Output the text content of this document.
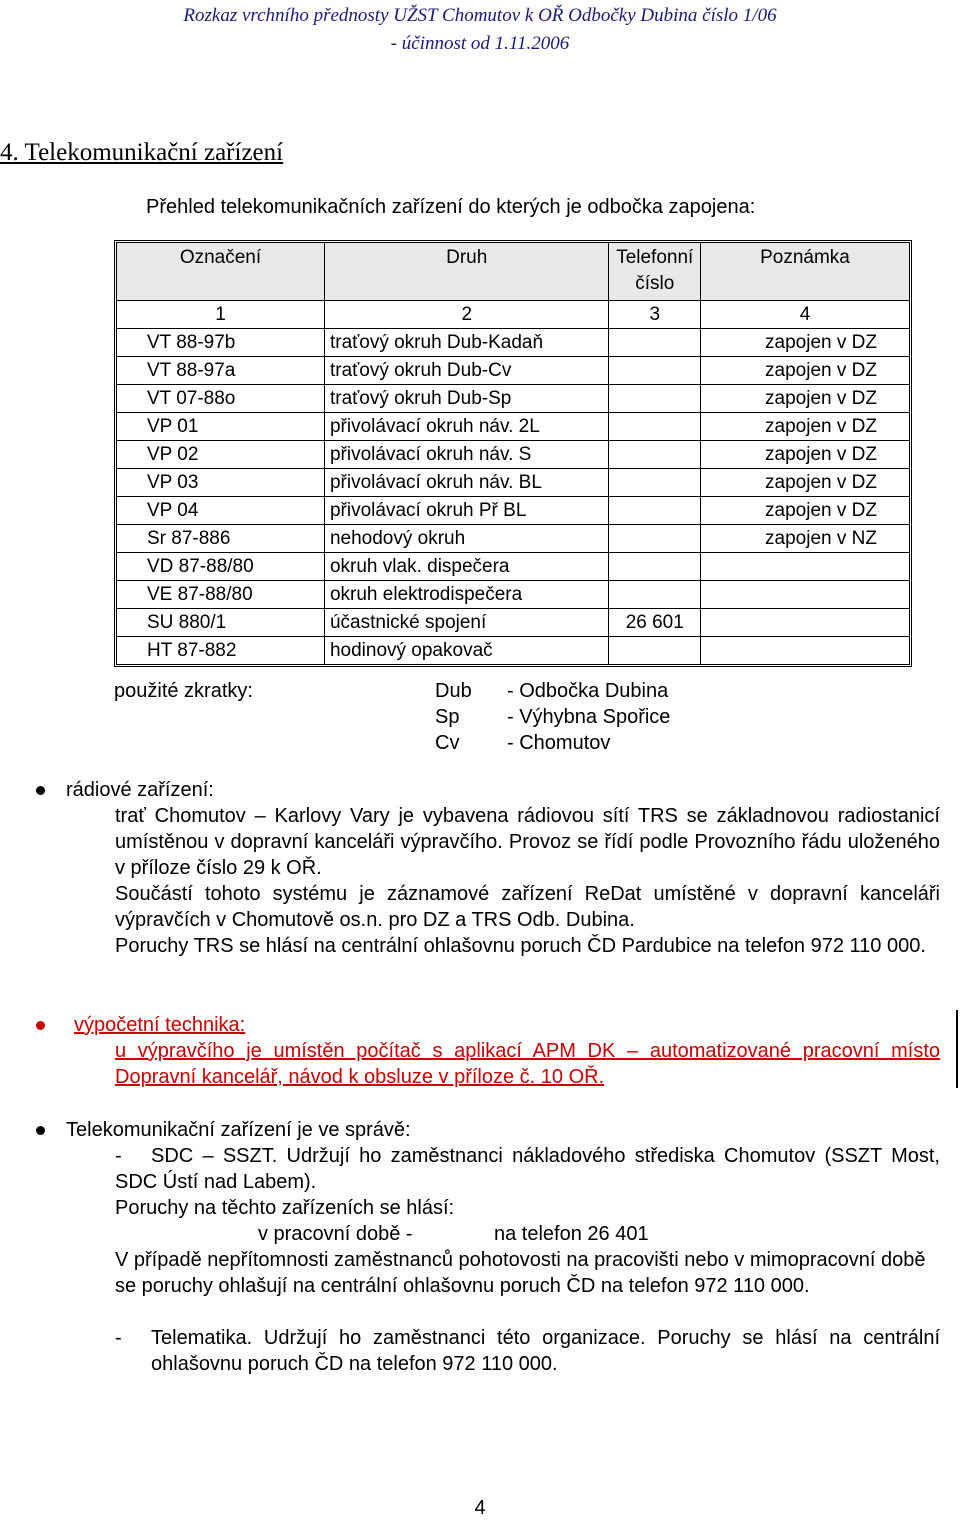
Rozkaz vrchního přednosty UŽST Chomutov k OŘ Odbočky Dubina číslo 1/06
- účinnost od 1.11.2006
4. Telekomunikační zařízení
Přehled telekomunikačních zařízení do kterých je odbočka zapojena:
Označení	Druh	Telefonní číslo	Poznámka
1	2	3	4
VT 88-97b	traťový okruh Dub-Kadaň		zapojen v DZ
VT 88-97a	traťový okruh Dub-Cv		zapojen v DZ
VT 07-88o	traťový okruh Dub-Sp		zapojen v DZ
VP 01	přivolávací okruh náv. 2L		zapojen v DZ
VP 02	přivolávací okruh náv. S		zapojen v DZ
VP 03	přivolávací okruh náv. BL		zapojen v DZ
VP 04	přivolávací okruh Př BL		zapojen v DZ
Sr 87-886	nehodový okruh		zapojen v NZ
VD 87-88/80	okruh vlak. dispečera		
VE 87-88/80	okruh elektrodispečera		
SU 880/1	účastnické spojení	26 601	
HT 87-882	hodinový opakovač		
použité zkratky:	Dub - Odbočka Dubina
Sp - Výhybna Spořice
Cv - Chomutov
rádiové zařízení:

trať Chomutov – Karlovy Vary je vybavena rádiovou sítí TRS se základnovou radiostanicí umístěnou v dopravní kanceláři výpravčího. Provoz se řídí podle Provozního řádu uloženého v příloze číslo 29 k OŘ.

Součástí tohoto systému je záznamové zařízení ReDat umístěné v dopravní kanceláři výpravčích v Chomutově os.n. pro DZ a TRS Odb. Dubina.

Poruchy TRS se hlásí na centrální ohlašovnu poruch ČD Pardubice na telefon 972 110 000.

výpočetní technika:
u výpravčího je umístěn počítač s aplikací APM DK – automatizované pracovní místo Dopravní kancelář, návod k obsluze v příloze č. 10 OŘ.
Telekomunikační zařízení je ve správě:
- SDC – SSZT. Udržují ho zaměstnanci nákladového střediska Chomutov (SSZT Most, SDC Ústí nad Labem).
Poruchy na těchto zařízeních se hlásí:
v pracovní době -	na telefon 26 401
V případě nepřítomnosti zaměstnanců pohotovosti na pracovišti nebo v mimopracovní době se poruchy ohlašují na centrální ohlašovnu poruch ČD na telefon 972 110 000.
- Telematika. Udržují ho zaměstnanci této organizace. Poruchy se hlásí na centrální ohlašovnu poruch ČD na telefon 972 110 000.
4
